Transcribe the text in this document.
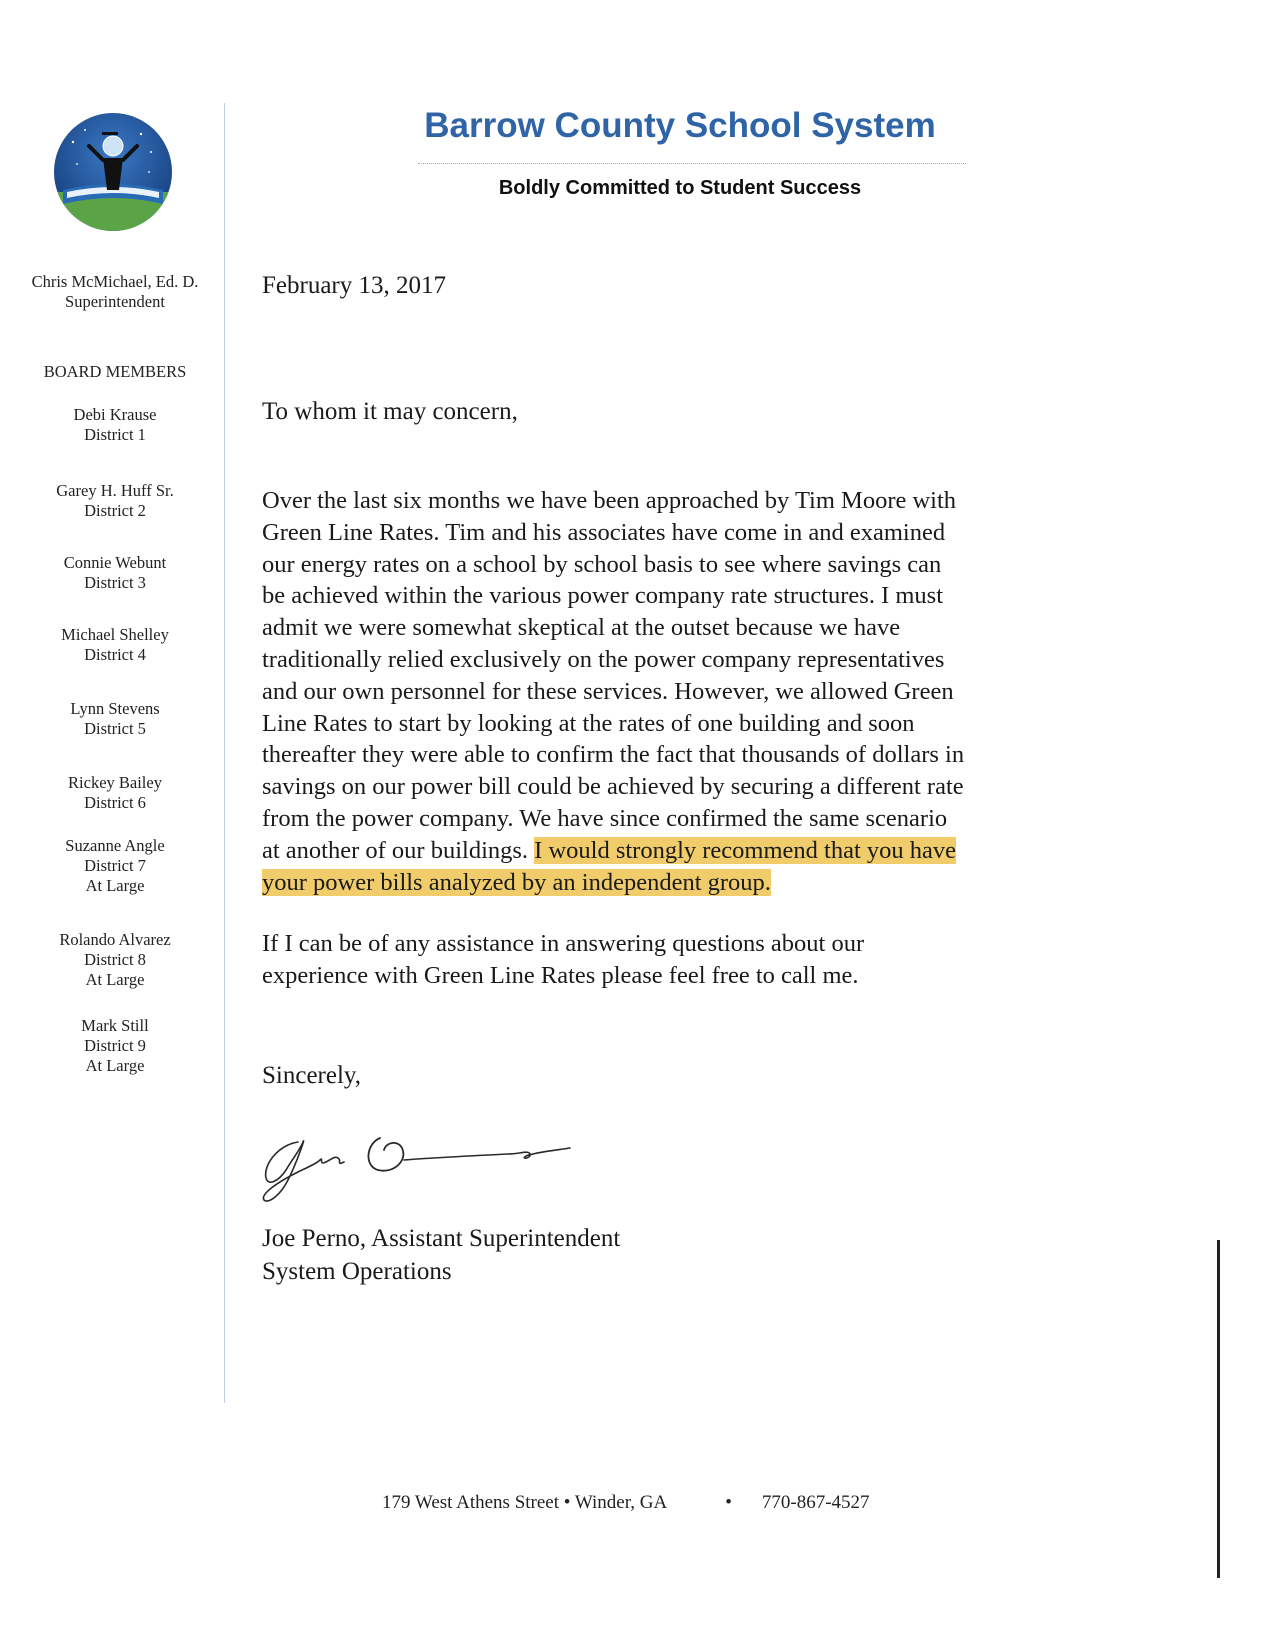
Barrow County School System
Boldly Committed to Student Success
Chris McMichael, Ed. D.
Superintendent
BOARD MEMBERS
Debi Krause
District 1
Garey H. Huff Sr.
District 2
Connie Webunt
District 3
Michael Shelley
District 4
Lynn Stevens
District 5
Rickey Bailey
District 6
Suzanne Angle
District 7
At Large
Rolando Alvarez
District 8
At Large
Mark Still
District 9
At Large
February 13, 2017
To whom it may concern,
Over the last six months we have been approached by Tim Moore with
Green Line Rates. Tim and his associates have come in and examined
our energy rates on a school by school basis to see where savings can
be achieved within the various power company rate structures. I must
admit we were somewhat skeptical at the outset because we have
traditionally relied exclusively on the power company representatives
and our own personnel for these services. However, we allowed Green
Line Rates to start by looking at the rates of one building and soon
thereafter they were able to confirm the fact that thousands of dollars in
savings on our power bill could be achieved by securing a different rate
from the power company. We have since confirmed the same scenario
at another of our buildings. I would strongly recommend that you have
your power bills analyzed by an independent group.
If I can be of any assistance in answering questions about our
experience with Green Line Rates please feel free to call me.
Sincerely,
Joe Perno, Assistant Superintendent
System Operations
179 West Athens Street • Winder, GA	• 770-867-4527
